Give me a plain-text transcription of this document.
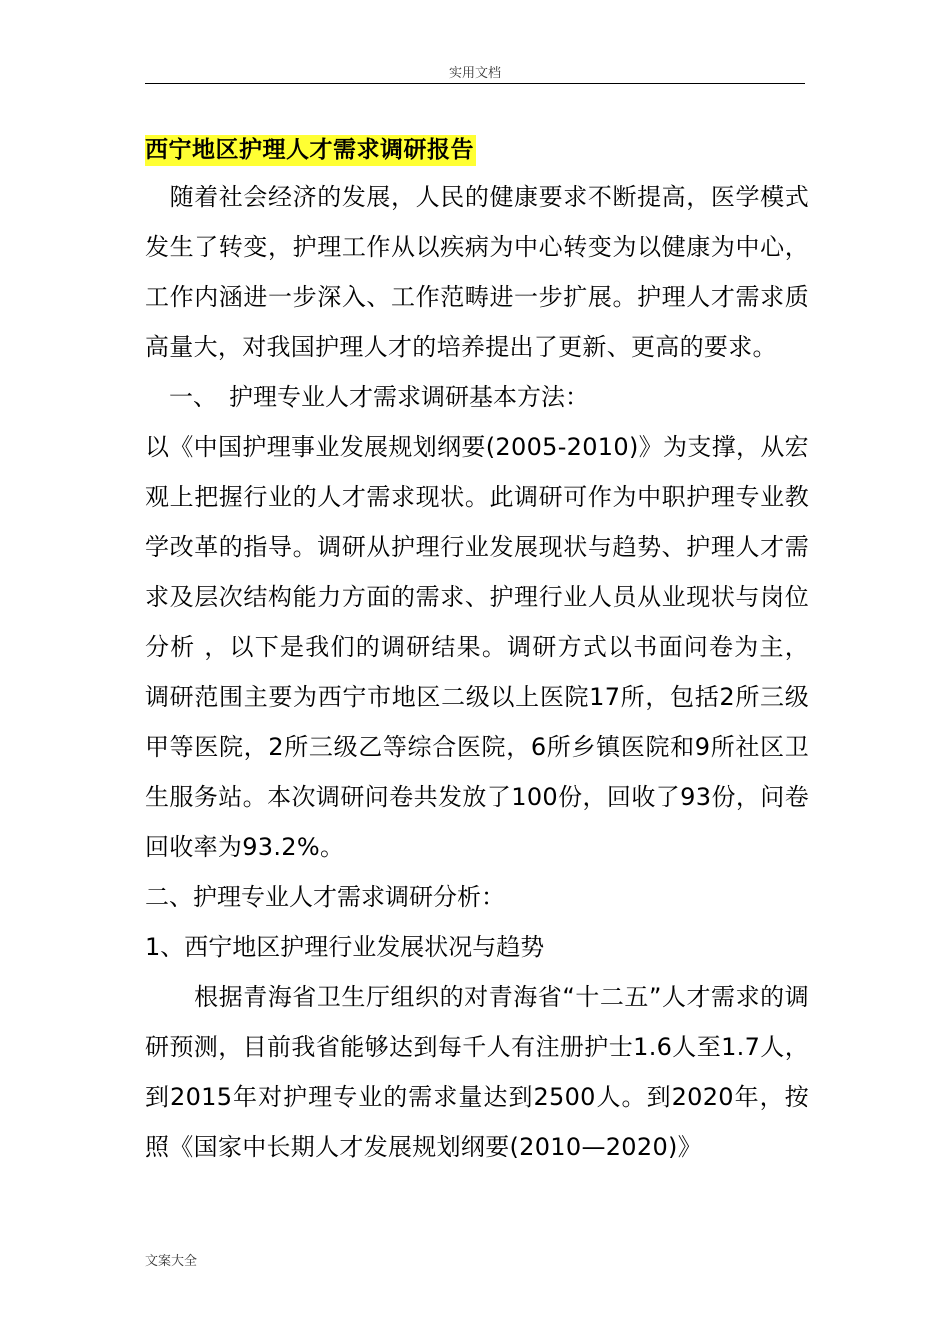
实用文档
西宁地区护理人才需求调研报告

　随着社会经济的发展，人民的健康要求不断提高，医学模式发生了转变，护理工作从以疾病为中心转变为以健康为中心，工作内涵进一步深入、工作范畴进一步扩展。护理人才需求质高量大，对我国护理人才的培养提出了更新、更高的要求。

　一、　护理专业人才需求调研基本方法：

以《中国护理事业发展规划纲要(2005-2010)》为支撑，从宏观上把握行业的人才需求现状。此调研可作为中职护理专业教学改革的指导。调研从护理行业发展现状与趋势、护理人才需求及层次结构能力方面的需求、护理行业人员从业现状与岗位分析 ，以下是我们的调研结果。调研方式以书面问卷为主，调研范围主要为西宁市地区二级以上医院17所，包括2所三级甲等医院，2所三级乙等综合医院，6所乡镇医院和9所社区卫生服务站。本次调研问卷共发放了100份，回收了93份，问卷回收率为93.2%。

二、护理专业人才需求调研分析：

1、西宁地区护理行业发展状况与趋势

　　根据青海省卫生厅组织的对青海省“十二五”人才需求的调研预测，目前我省能够达到每千人有注册护士1.6人至1.7人，到2015年对护理专业的需求量达到2500人。到2020年，按照《国家中长期人才发展规划纲要(2010—2020)》

文案大全
